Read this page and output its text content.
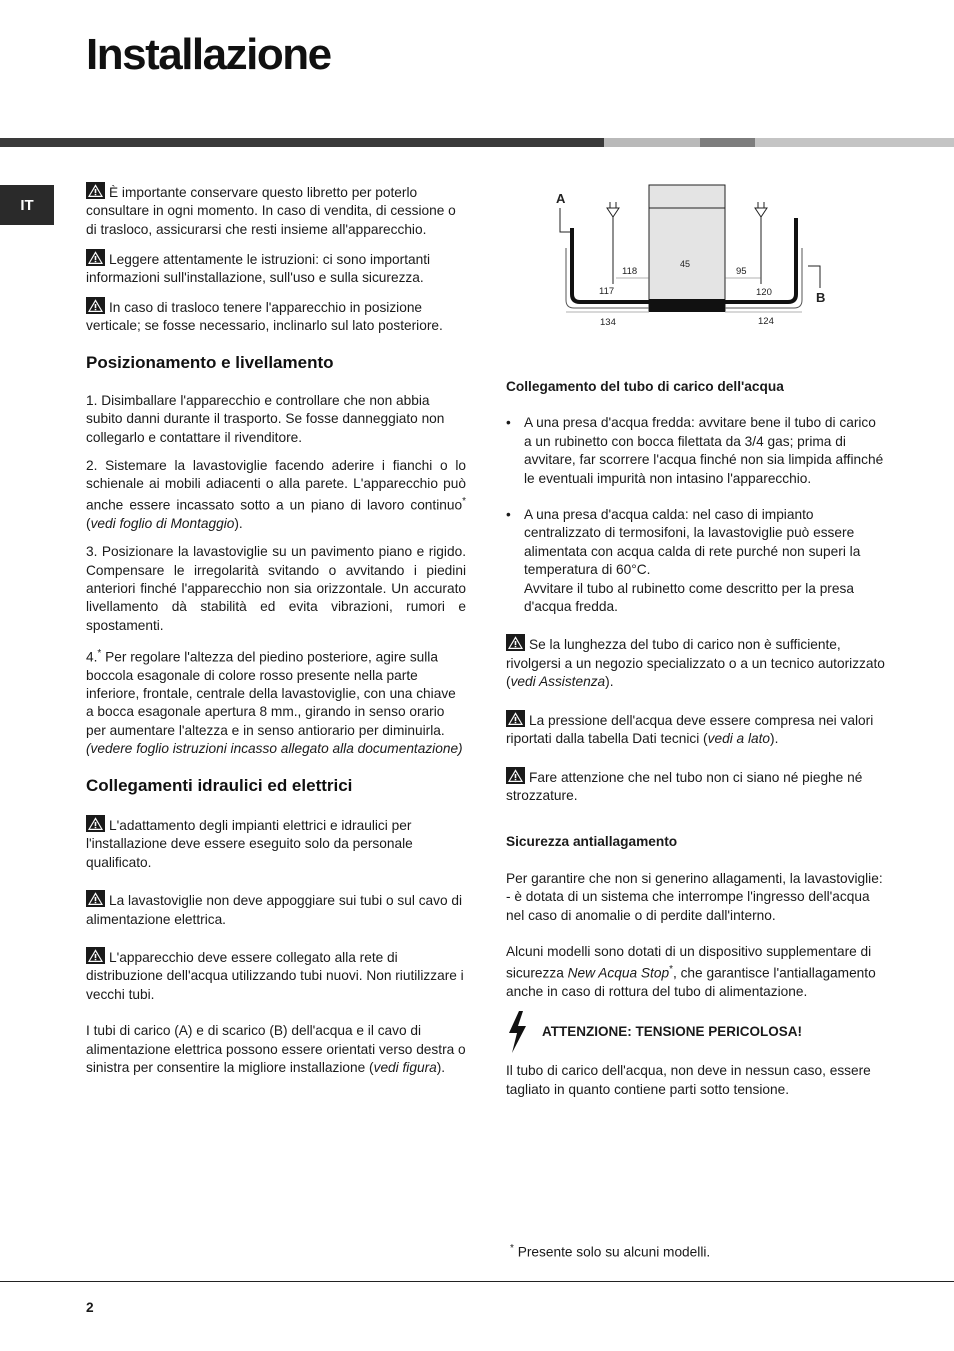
Installazione
IT

È importante conservare questo libretto per poterlo consultare in ogni momento. In caso di vendita, di cessione o di trasloco, assicurarsi che resti insieme all'apparecchio.

Leggere attentamente le istruzioni: ci sono importanti informazioni sull'installazione, sull'uso e sulla sicurezza.

In caso di trasloco tenere l'apparecchio in posizione verticale; se fosse necessario, inclinarlo sul lato posteriore.

Posizionamento e livellamento

1. Disimballare l'apparecchio e controllare che non abbia subito danni durante il trasporto. Se fosse danneggiato non collegarlo e contattare il rivenditore.

2. Sistemare la lavastoviglie facendo aderire i fianchi o lo schienale ai mobili adiacenti o alla parete. L'apparecchio può anche essere incassato sotto a un piano di lavoro continuo* (vedi foglio di Montaggio).

3. Posizionare la lavastoviglie su un pavimento piano e rigido. Compensare le irregolarità svitando o avvitando i piedini anteriori finché l'apparecchio non sia orizzontale. Un accurato livellamento dà stabilità ed evita vibrazioni, rumori e spostamenti.

4.* Per regolare l'altezza del piedino posteriore, agire sulla boccola esagonale di colore rosso presente nella parte inferiore, frontale, centrale della lavastoviglie, con una chiave a bocca esagonale apertura 8 mm., girando in senso orario per aumentare l'altezza e in senso antiorario per diminuirla. (vedere foglio istruzioni incasso allegato alla documentazione)

Collegamenti idraulici ed elettrici

L'adattamento degli impianti elettrici e idraulici per l'installazione deve essere eseguito solo da personale qualificato.

La lavastoviglie non deve appoggiare sui tubi o sul cavo di alimentazione elettrica.

L'apparecchio deve essere collegato alla rete di distribuzione dell'acqua utilizzando tubi nuovi. Non riutilizzare i vecchi tubi.

I tubi di carico (A) e di scarico (B) dell'acqua e il cavo di alimentazione elettrica possono essere orientati verso destra o sinistra per consentire la migliore installazione (vedi figura).

A
B
45
118	95
117	120
134	124
Collegamento del tubo di carico dell'acqua
• A una presa d'acqua fredda: avvitare bene il tubo di carico a un rubinetto con bocca filettata da 3/4 gas; prima di avvitare, far scorrere l'acqua finché non sia limpida affinché le eventuali impurità non intasino l'apparecchio.
• A una presa d'acqua calda: nel caso di impianto centralizzato di termosifoni, la lavastoviglie può essere alimentata con acqua calda di rete purché non superi la temperatura di 60°C.
Avvitare il tubo al rubinetto come descritto per la presa d'acqua fredda.

Se la lunghezza del tubo di carico non è sufficiente, rivolgersi a un negozio specializzato o a un tecnico autorizzato (vedi Assistenza).

La pressione dell'acqua deve essere compresa nei valori riportati dalla tabella Dati tecnici (vedi a lato).

Fare attenzione che nel tubo non ci siano né pieghe né strozzature.

Sicurezza antiallagamento

Per garantire che non si generino allagamenti, la lavastoviglie:

- è dotata di un sistema che interrompe l'ingresso dell'acqua nel caso di anomalie o di perdite dall'interno.

Alcuni modelli sono dotati di un dispositivo supplementare di sicurezza New Acqua Stop*, che garantisce l'antiallagamento anche in caso di rottura del tubo di alimentazione.

ATTENZIONE: TENSIONE PERICOLOSA!

Il tubo di carico dell'acqua, non deve in nessun caso, essere tagliato in quanto contiene parti sotto tensione.

* Presente solo su alcuni modelli.
2
